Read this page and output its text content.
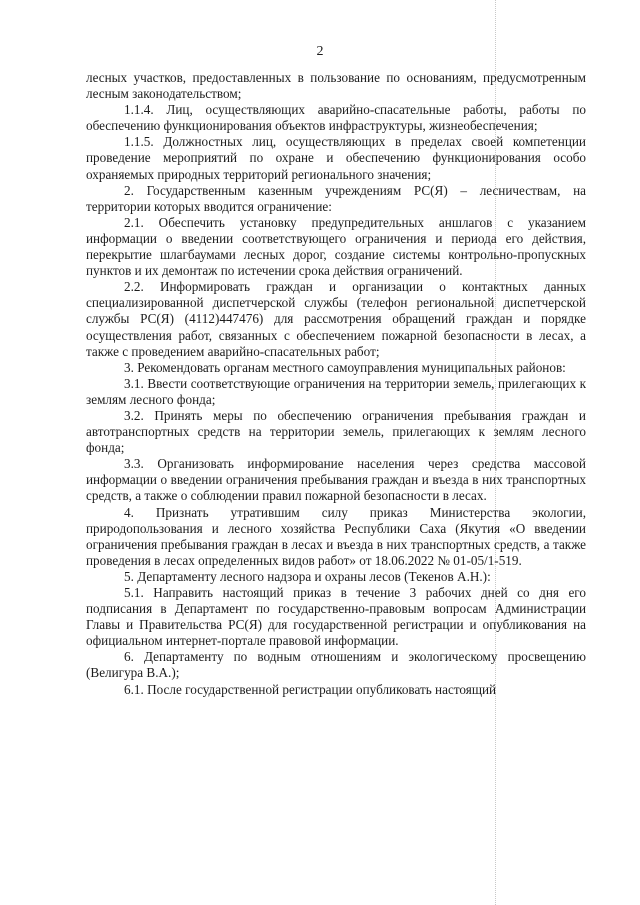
2

лесных участков, предоставленных в пользование по основаниям, предусмотренным лесным законодательством;

1.1.4. Лиц, осуществляющих аварийно-спасательные работы, работы по обеспечению функционирования объектов инфраструктуры, жизнеобеспечения;

1.1.5. Должностных лиц, осуществляющих в пределах своей компетенции проведение мероприятий по охране и обеспечению функционирования особо охраняемых природных территорий регионального значения;

2. Государственным казенным учреждениям РС(Я) – лесничествам, на территории которых вводится ограничение:

2.1. Обеспечить установку предупредительных аншлагов с указанием информации о введении соответствующего ограничения и периода его действия, перекрытие шлагбаумами лесных дорог, создание системы контрольно-пропускных пунктов и их демонтаж по истечении срока действия ограничений.

2.2. Информировать граждан и организации о контактных данных специализированной диспетчерской службы (телефон региональной диспетчерской службы РС(Я) (4112)447476) для рассмотрения обращений граждан и порядке осуществления работ, связанных с обеспечением пожарной безопасности в лесах, а также с проведением аварийно-спасательных работ;

3. Рекомендовать органам местного самоуправления муниципальных районов:

3.1. Ввести соответствующие ограничения на территории земель, прилегающих к землям лесного фонда;

3.2. Принять меры по обеспечению ограничения пребывания граждан и автотранспортных средств на территории земель, прилегающих к землям лесного фонда;

3.3. Организовать информирование населения через средства массовой информации о введении ограничения пребывания граждан и въезда в них транспортных средств, а также о соблюдении правил пожарной безопасности в лесах.

4. Признать утратившим силу приказ Министерства экологии, природопользования и лесного хозяйства Республики Саха (Якутия «О введении ограничения пребывания граждан в лесах и въезда в них транспортных средств, а также проведения в лесах определенных видов работ» от 18.06.2022 № 01-05/1-519.

5. Департаменту лесного надзора и охраны лесов (Текенов А.Н.):

5.1. Направить настоящий приказ в течение 3 рабочих дней со дня его подписания в Департамент по государственно-правовым вопросам Администрации Главы и Правительства РС(Я) для государственной регистрации и опубликования на официальном интернет-портале правовой информации.

6. Департаменту по водным отношениям и экологическому просвещению (Велигура В.А.);

6.1. После государственной регистрации опубликовать настоящий
